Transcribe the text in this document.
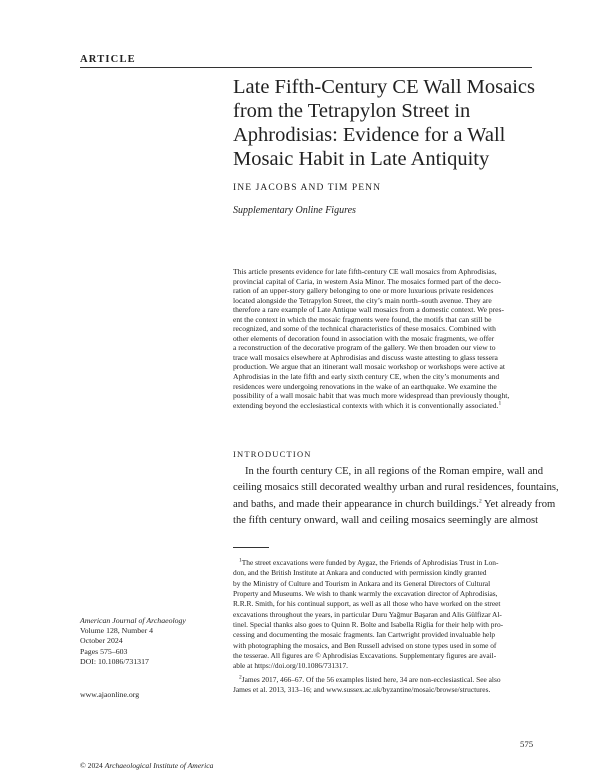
ARTICLE
Late Fifth-Century CE Wall Mosaics
from the Tetrapylon Street in
Aphrodisias: Evidence for a Wall
Mosaic Habit in Late Antiquity
INE JACOBS AND TIM PENN
Supplementary Online Figures
This article presents evidence for late fifth-century CE wall mosaics from Aphrodisias,
provincial capital of Caria, in western Asia Minor. The mosaics formed part of the deco-
ration of an upper-story gallery belonging to one or more luxurious private residences
located alongside the Tetrapylon Street, the city’s main north–south avenue. They are
therefore a rare example of Late Antique wall mosaics from a domestic context. We pres-
ent the context in which the mosaic fragments were found, the motifs that can still be
recognized, and some of the technical characteristics of these mosaics. Combined with
other elements of decoration found in association with the mosaic fragments, we offer
a reconstruction of the decorative program of the gallery. We then broaden our view to
trace wall mosaics elsewhere at Aphrodisias and discuss waste attesting to glass tessera
production. We argue that an itinerant wall mosaic workshop or workshops were active at
Aphrodisias in the late fifth and early sixth century CE, when the city’s monuments and
residences were undergoing renovations in the wake of an earthquake. We examine the
possibility of a wall mosaic habit that was much more widespread than previously thought,
extending beyond the ecclesiastical contexts with which it is conventionally associated.$^1$
INTRODUCTION
In the fourth century CE, in all regions of the Roman empire, wall and
ceiling mosaics still decorated wealthy urban and rural residences, fountains,
and baths, and made their appearance in church buildings.$^2$ Yet already from
the fifth century onward, wall and ceiling mosaics seemingly are almost
$^1$The street excavations were funded by Aygaz, the Friends of Aphrodisias Trust in Lon-
don, and the British Institute at Ankara and conducted with permission kindly granted
by the Ministry of Culture and Tourism in Ankara and its General Directors of Cultural
Property and Museums. We wish to thank warmly the excavation director of Aphrodisias,
R.R.R. Smith, for his continual support, as well as all those who have worked on the street
excavations throughout the years, in particular Duru Yağmur Başaran and Alis Gülfizar Al-
tinel. Special thanks also goes to Quinn R. Bolte and Isabella Riglia for their help with pro-
cessing and documenting the mosaic fragments. Ian Cartwright provided invaluable help
with photographing the mosaics, and Ben Russell advised on stone types used in some of
the tesserae. All figures are © Aphrodisias Excavations. Supplementary figures are avail-
able at https://doi.org/10.1086/731317.
$^2$James 2017, 466–67. Of the 56 examples listed here, 34 are non-ecclesiastical. See also
James et al. 2013, 313–16; and www.sussex.ac.uk/byzantine/mosaic/browse/structures.
American Journal of Archaeology
Volume 128, Number 4
October 2024
Pages 575–603
DOI: 10.1086/731317
www.ajaonline.org
575
© 2024 Archaeological Institute of America
